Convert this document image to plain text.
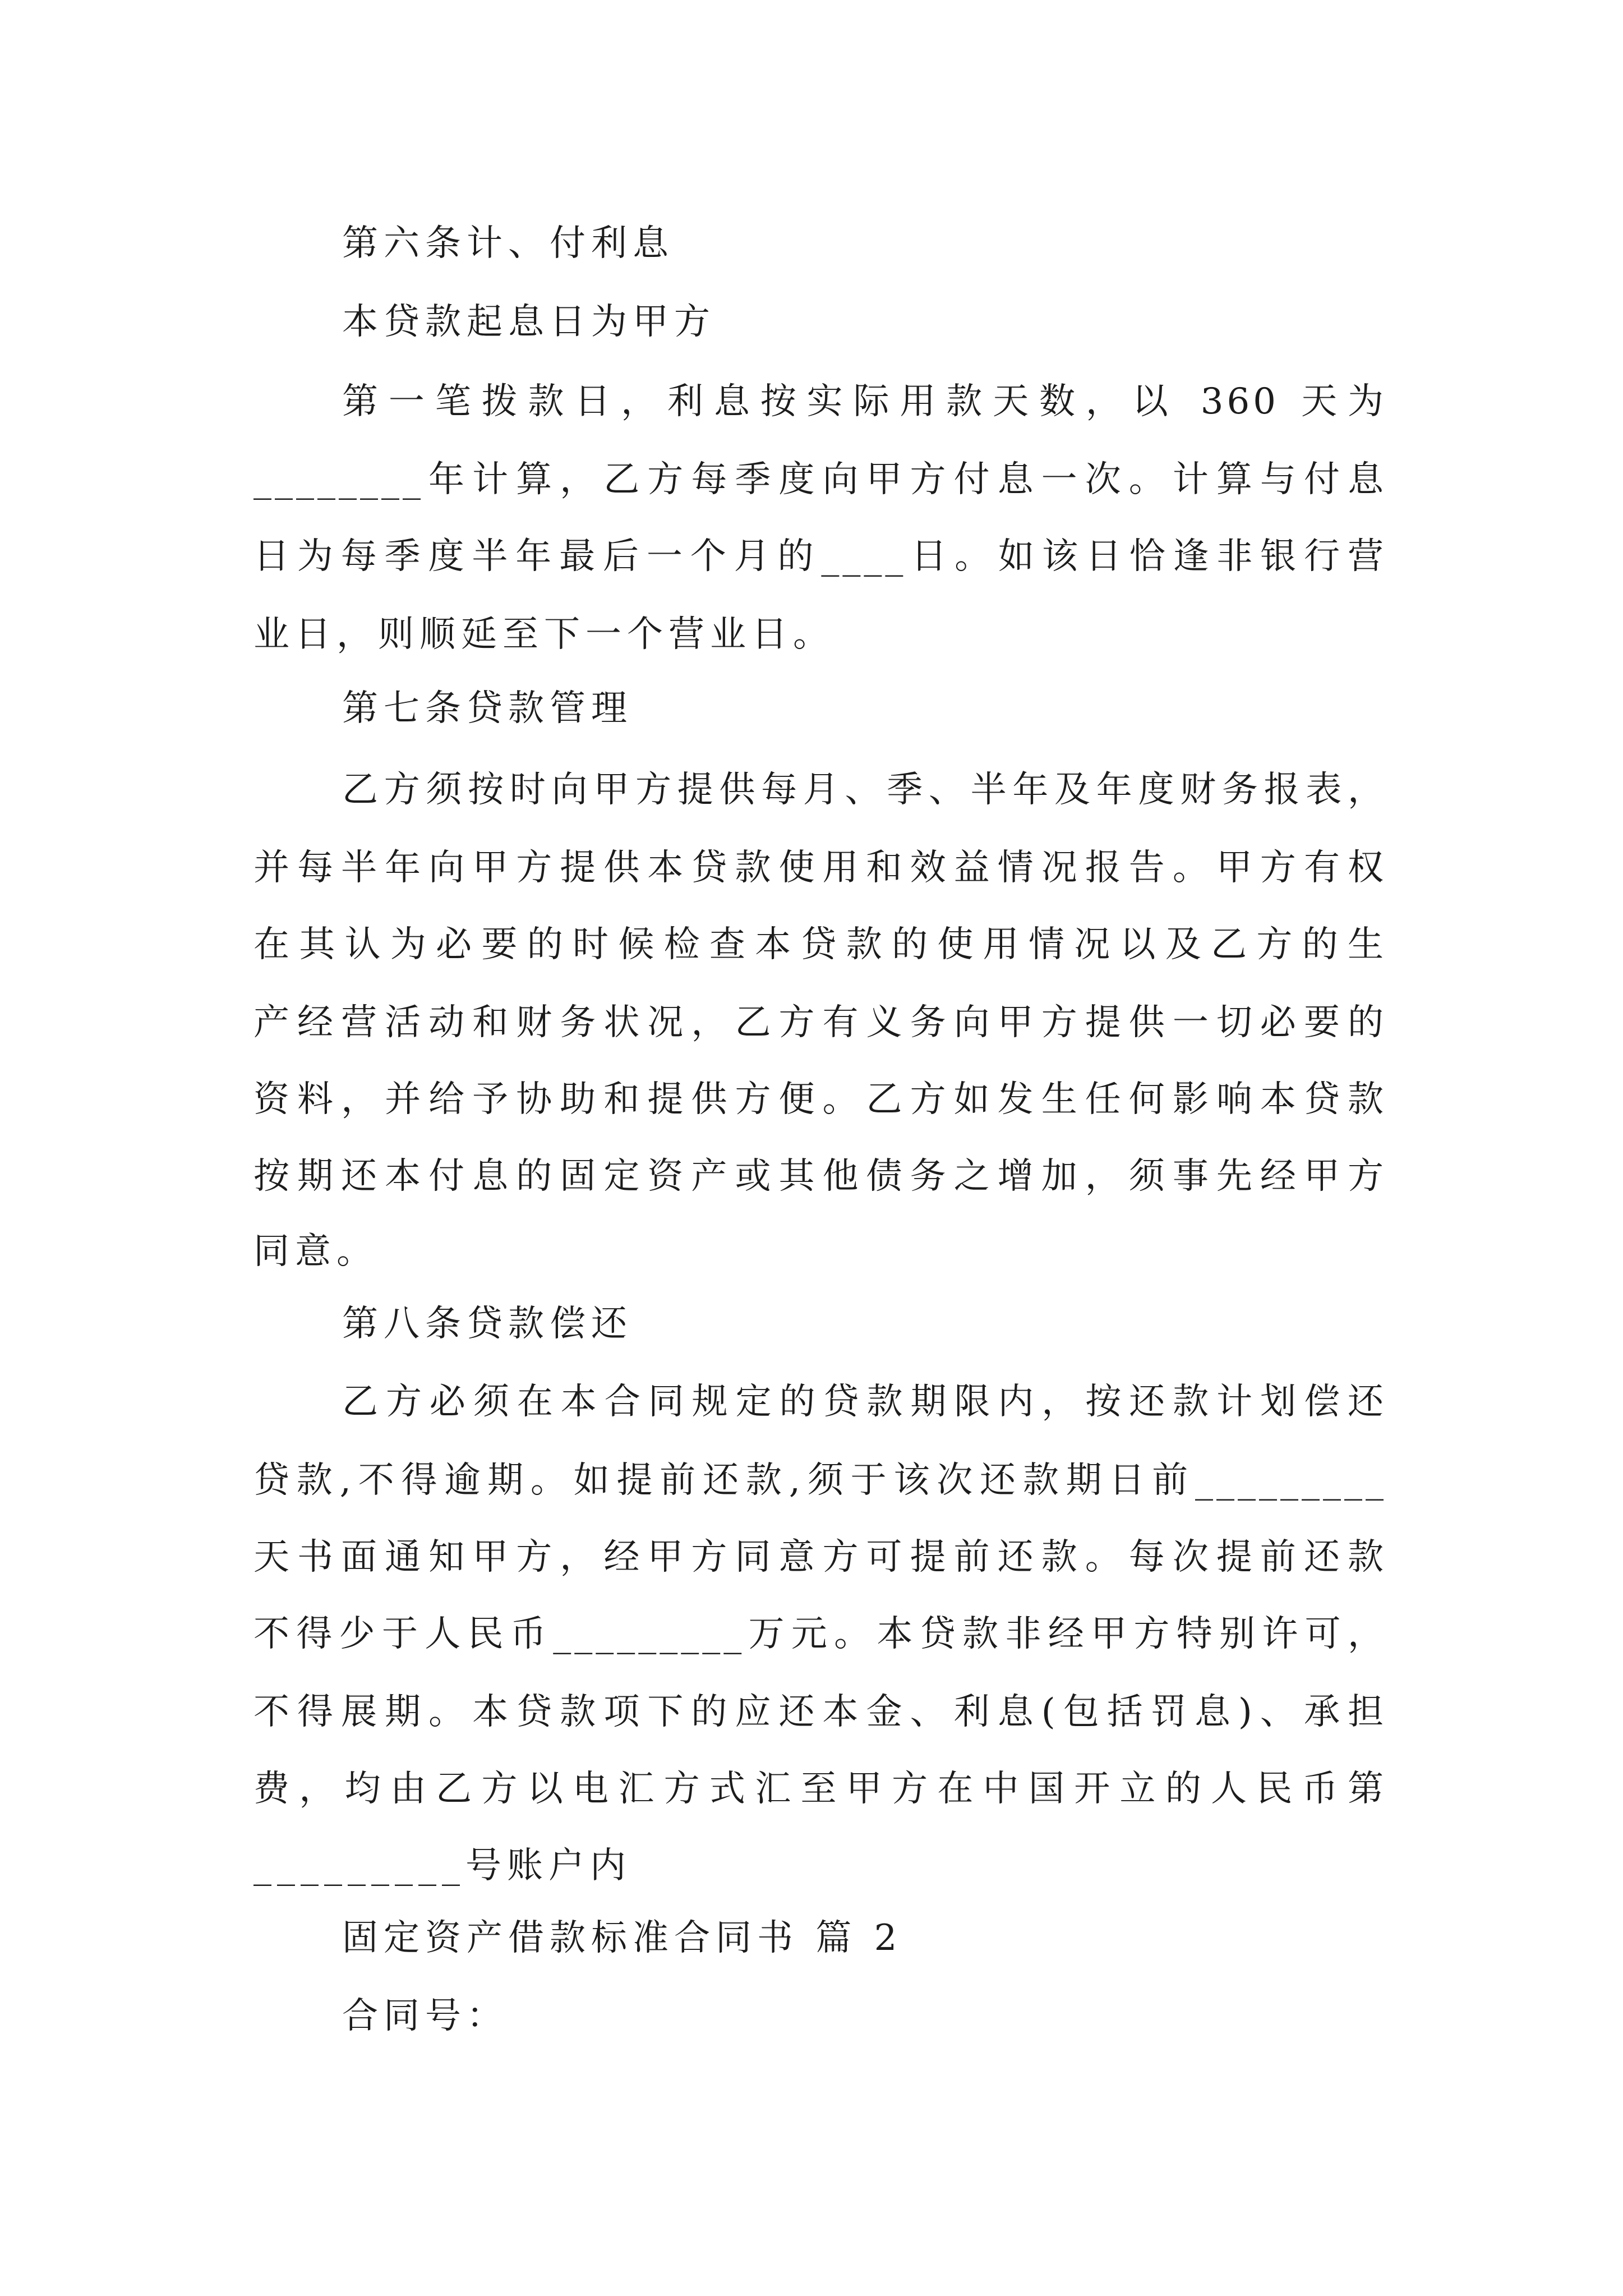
第六条计、付利息
本贷款起息日为甲方
第一笔拨款日，利息按实际用款天数，以 360 天为
________年计算，乙方每季度向甲方付息一次。计算与付息
日为每季度半年最后一个月的____日。如该日恰逢非银行营
业日，则顺延至下一个营业日。
第七条贷款管理
乙方须按时向甲方提供每月、季、半年及年度财务报表，
并每半年向甲方提供本贷款使用和效益情况报告。甲方有权
在其认为必要的时候检查本贷款的使用情况以及乙方的生
产经营活动和财务状况，乙方有义务向甲方提供一切必要的
资料，并给予协助和提供方便。乙方如发生任何影响本贷款
按期还本付息的固定资产或其他债务之增加，须事先经甲方
同意。
第八条贷款偿还
乙方必须在本合同规定的贷款期限内，按还款计划偿还
贷款,不得逾期。如提前还款,须于该次还款期日前_________
天书面通知甲方，经甲方同意方可提前还款。每次提前还款
不得少于人民币_________万元。本贷款非经甲方特别许可，
不得展期。本贷款项下的应还本金、利息(包括罚息)、承担
费，均由乙方以电汇方式汇至甲方在中国开立的人民币第
_________号账户内
固定资产借款标准合同书 篇 2
合同号：
